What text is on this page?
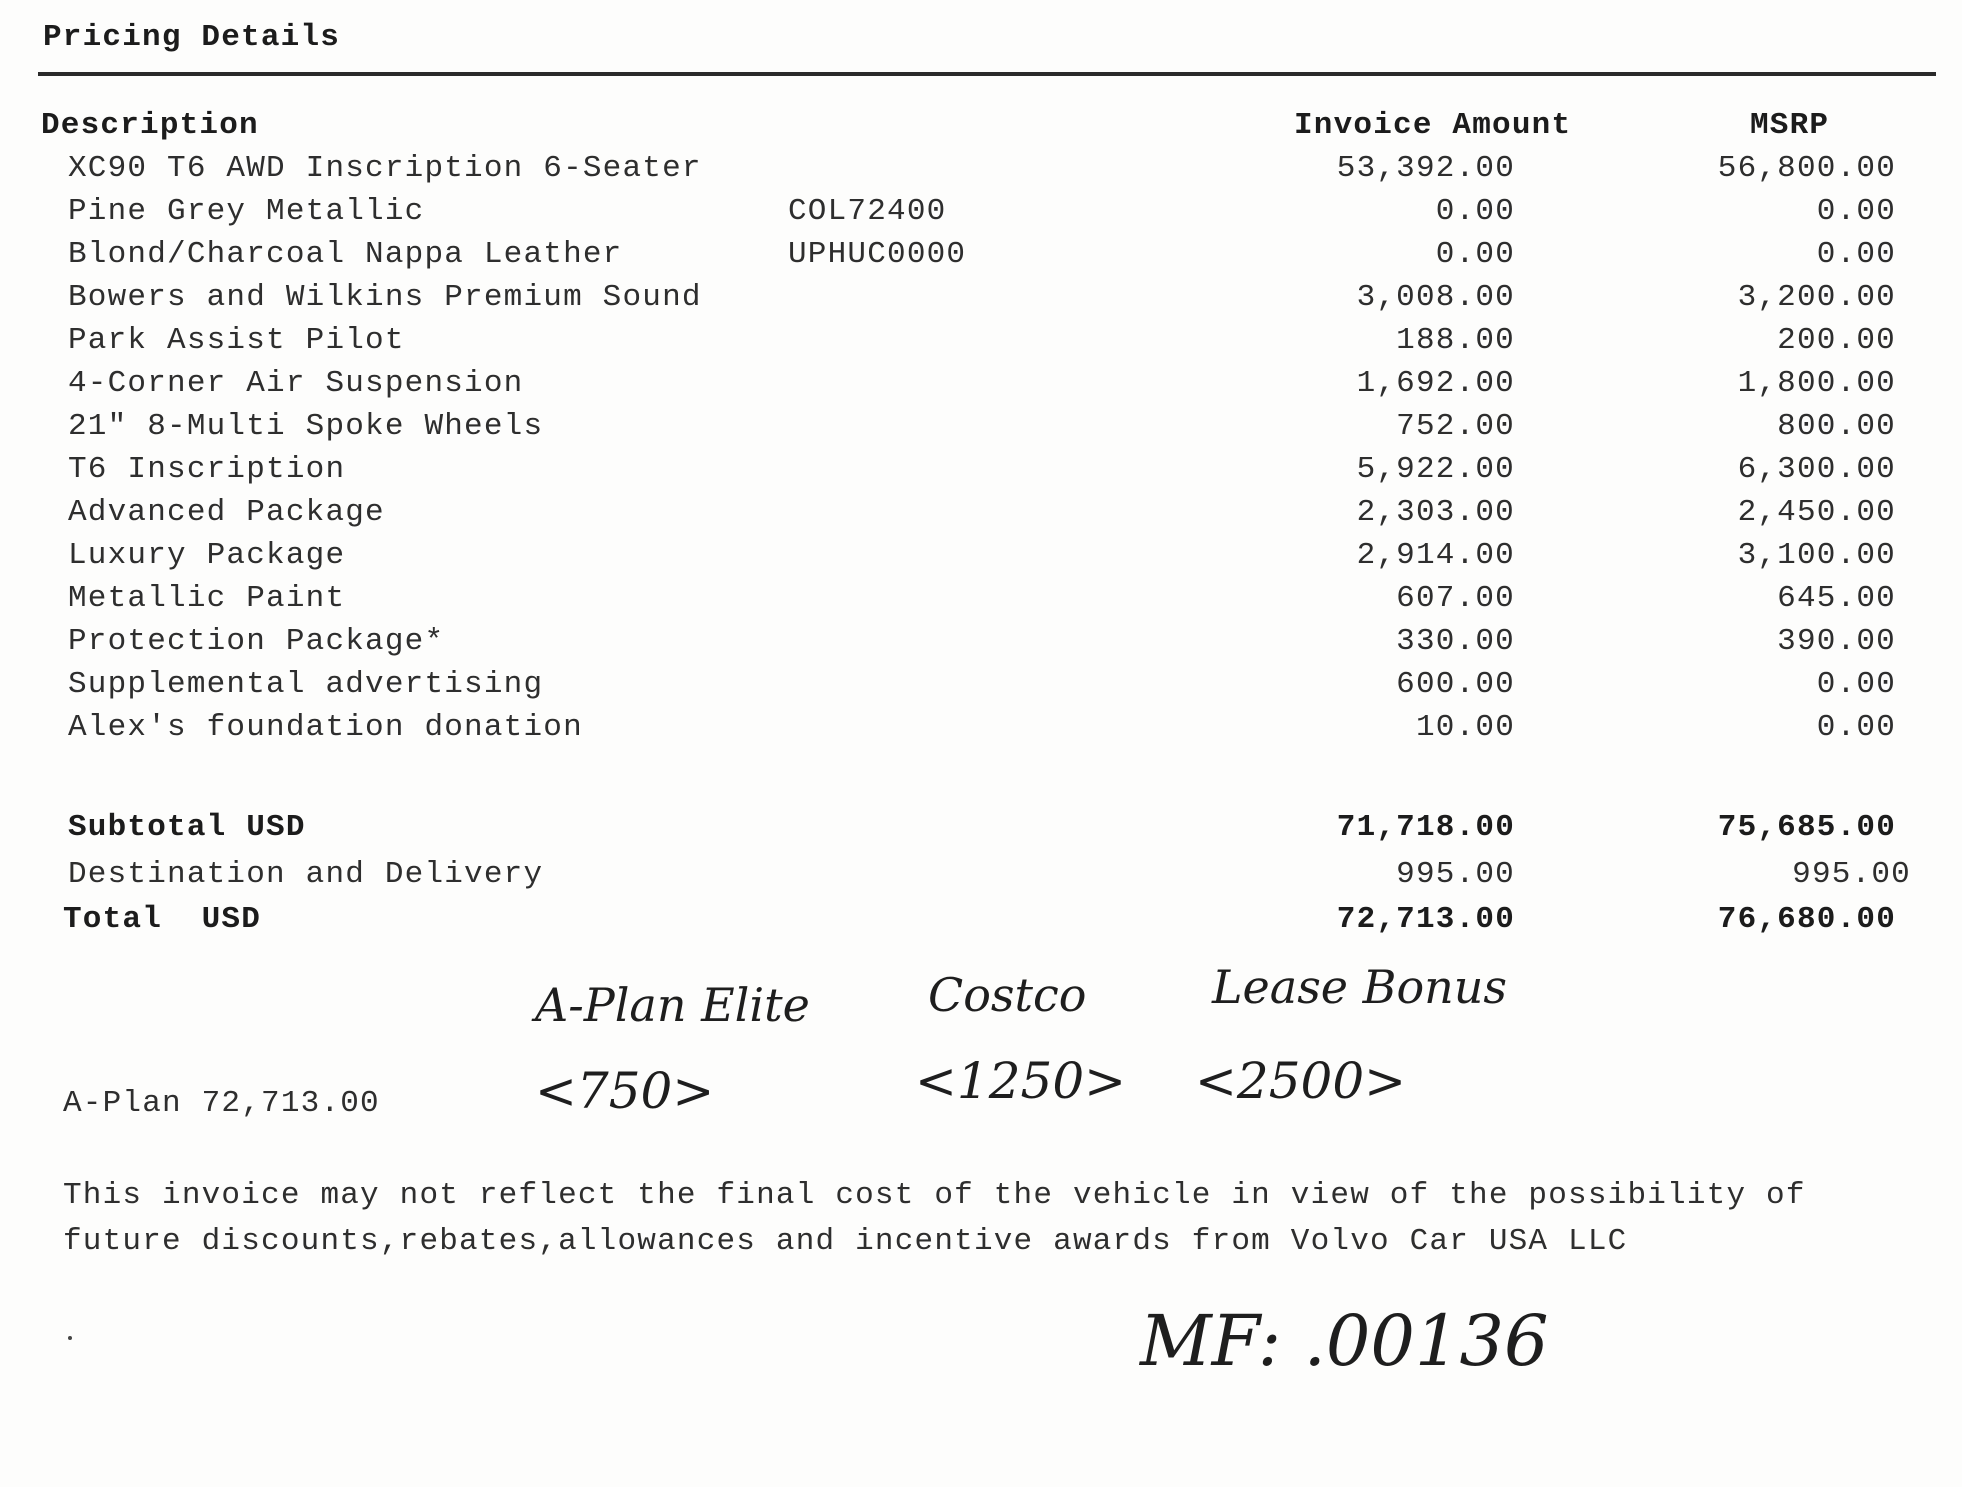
Pricing Details
Description	Invoice Amount	MSRP
XC90 T6 AWD Inscription 6-Seater	53,392.00	56,800.00
Pine Grey Metallic	COL72400	0.00	0.00
Blond/Charcoal Nappa Leather	UPHUC0000	0.00	0.00
Bowers and Wilkins Premium Sound	3,008.00	3,200.00
Park Assist Pilot	188.00	200.00
4-Corner Air Suspension	1,692.00	1,800.00
21" 8-Multi Spoke Wheels	752.00	800.00
T6 Inscription	5,922.00	6,300.00
Advanced Package	2,303.00	2,450.00
Luxury Package	2,914.00	3,100.00
Metallic Paint	607.00	645.00
Protection Package*	330.00	390.00
Supplemental advertising	600.00	0.00
Alex's foundation donation	10.00	0.00
Subtotal USD	71,718.00	75,685.00
Destination and Delivery	995.00	995.00
Total  USD	72,713.00	76,680.00
A-Plan Elite	Costco	Lease Bonus
A-Plan 72,713.00	<750>	<1250> <2500>
This invoice may not reflect the final cost of the vehicle in view of the possibility of
future discounts,rebates,allowances and incentive awards from Volvo Car USA LLC
MF: .00136
